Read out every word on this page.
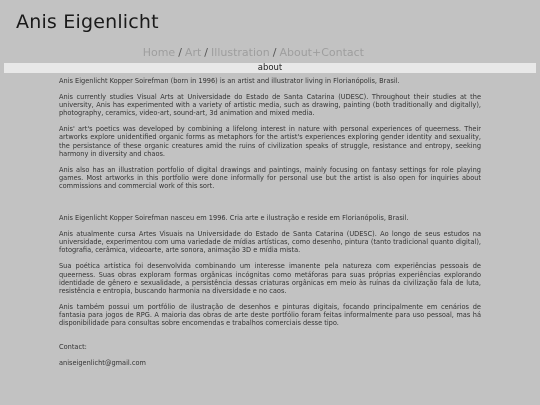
Anis Eigenlicht
Home / Art / Illustration / About+Contact
about

Anis Eigenlicht Kopper Soirefman (born in 1996) is an artist and illustrator living in Florianópolis, Brasil.

Anis currently studies Visual Arts at Universidade do Estado de Santa Catarina (UDESC). Throughout their studies at the university, Anis has experimented with a variety of artistic media, such as drawing, painting (both traditionally and digitally), photography, ceramics, video-art, sound-art, 3d animation and mixed media.

Anis' art's poetics was developed by combining a lifelong interest in nature with personal experiences of queerness. Their artworks explore unidentified organic forms as metaphors for the artist's experiences exploring gender identity and sexuality, the persistance of these organic creatures amid the ruins of civilization speaks of struggle, resistance and entropy, seeking harmony in diversity and chaos.

Anis also has an illustration portfolio of digital drawings and paintings, mainly focusing on fantasy settings for role playing games. Most artworks in this portfolio were done informally for personal use but the artist is also open for inquiries about commissions and commercial work of this sort.

Anis Eigenlicht Kopper Soirefman nasceu em 1996. Cria arte e ilustração e reside em Florianópolis, Brasil.

Anis atualmente cursa Artes Visuais na Universidade do Estado de Santa Catarina (UDESC). Ao longo de seus estudos na universidade, experimentou com uma variedade de mídias artísticas, como desenho, pintura (tanto tradicional quanto digital), fotografia, cerâmica, videoarte, arte sonora, animação 3D e mídia mista.

Sua poética artística foi desenvolvida combinando um interesse imanente pela natureza com experiências pessoais de queerness. Suas obras exploram formas orgânicas incógnitas como metáforas para suas próprias experiências explorando identidade de gênero e sexualidade, a persistência dessas criaturas orgânicas em meio às ruínas da civilização fala de luta, resistência e entropia, buscando harmonia na diversidade e no caos.

Anis também possui um portfólio de ilustração de desenhos e pinturas digitais, focando principalmente em cenários de fantasia para jogos de RPG. A maioria das obras de arte deste portfólio foram feitas informalmente para uso pessoal, mas há disponibilidade para consultas sobre encomendas e trabalhos comerciais desse tipo.

Contact:

aniseigenlicht@gmail.com
